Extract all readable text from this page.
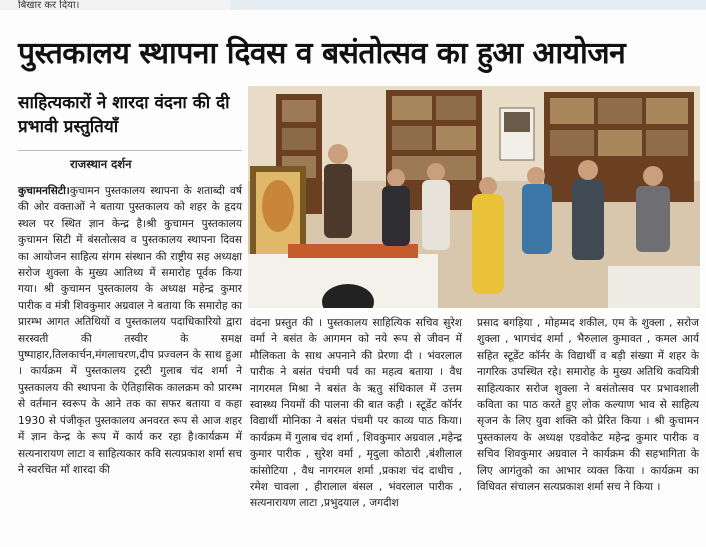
बिखार कर दिया।
पुस्तकालय स्थापना दिवस व बसंतोत्सव का हुआ आयोजन
साहित्यकारों ने शारदा वंदना की दी प्रभावी प्रस्तुतियाँ
राजस्थान दर्शन
कुचामनसिटी।कुचामन पुस्तकालय स्थापना के शताब्दी वर्ष की ओर वक्ताओं ने बताया पुस्तकालय को शहर के हृदय स्थल पर स्थित ज्ञान केन्द्र है।श्री कुचामन पुस्तकालय कुचामन सिटी में बंसतोत्सव व पुस्तकालय स्थापना दिवस का आयोजन साहित्य संगम संस्थान की राष्ट्रीय सह अध्यक्षा सरोज शुक्ला के मुख्य आतिथ्य में समारोह पूर्वक किया गया। श्री कुचामन पुस्तकालय के अध्यक्ष महेन्द्र कुमार पारीक व मंत्री शिवकुमार अग्रवाल ने बताया कि समारोह का प्रारम्भ आगत अतिथियों व पुस्तकालय पदाधिकारियो द्वारा सरस्वती की तस्वीर के समक्ष पुष्पाहार,तिलकार्चन,मंगलाचरण,दीप प्रज्वलन के साथ हुआ । कार्यक्रम में पुस्तकालय ट्रस्टी गुलाब चंद शर्मा ने पुस्तकालय की स्थापना के ऐतिहासिक कालक्रम को प्रारम्भ से वर्तमान स्वरूप के आने तक का सफर बताया व कहा 1930 से पंजीकृत पुस्तकालय अनवरत रूप से आज शहर में ज्ञान केन्द्र के रूप में कार्य कर रहा है।कार्यक्रम में सत्यनारायण लाटा व साहित्यकार कवि सत्यप्रकाश शर्मा सच ने स्वरचित माँ शारदा की
वंदना प्रस्तुत की । पुस्तकालय साहित्यिक सचिव सुरेश वर्मा ने बसंत के आगमन को नये रूप से जीवन में मौलिकता के साथ अपनाने की प्रेरणा दी । भंवरलाल पारीक ने बसंत पंचमी पर्व का महत्व बताया । वैध नागरमल मिश्रा ने बसंत के ऋतु संधिकाल में उत्तम स्वास्थ्य नियमों की पालना की बात कही । स्टूडेंट कॉर्नर विद्यार्थी मोनिका ने बसंत पंचमी पर काव्य पाठ किया। कार्यक्रम में गुलाब चंद शर्मा , शिवकुमार अग्रवाल ,महेन्द्र कुमार पारीक , सुरेश वर्मा , मृदुला कोठारी ,बंशीलाल कांसोटिया , वैध नागरमल शर्मा ,प्रकाश चंद दाधीच , रमेश चावला , हीरालाल बंसल , भंवरलाल पारीक , सत्यनारायण लाटा ,प्रभुदयाल , जगदीश
प्रसाद बगड़िया , मोहम्मद शकील, एम के शुक्ला , सरोज शुक्ला , भागचंद शर्मा , भैरुलाल कुमावत , कमल आर्य सहित स्टूडेंट कॉर्नर के विद्यार्थी व बड़ी संख्या में शहर के नागरिक उपस्थित रहे। समारोह के मुख्य अतिथि कवयित्री साहित्यकार सरोज शुक्ला ने बसंतोत्सव पर प्रभावशाली कविता का पाठ करते हुए लोक कल्याण भाव से साहित्य सृजन के लिए युवा शक्ति को प्रेरित किया । श्री कुचामन पुस्तकालय के अध्यक्ष एडवोकेट महेन्द्र कुमार पारीक व सचिव शिवकुमार अग्रवाल ने कार्यक्रम की सहभागिता के लिए आगंतुको का आभार व्यक्त किया । कार्यक्रम का विधिवत संचालन सत्यप्रकाश शर्मा सच ने किया ।
